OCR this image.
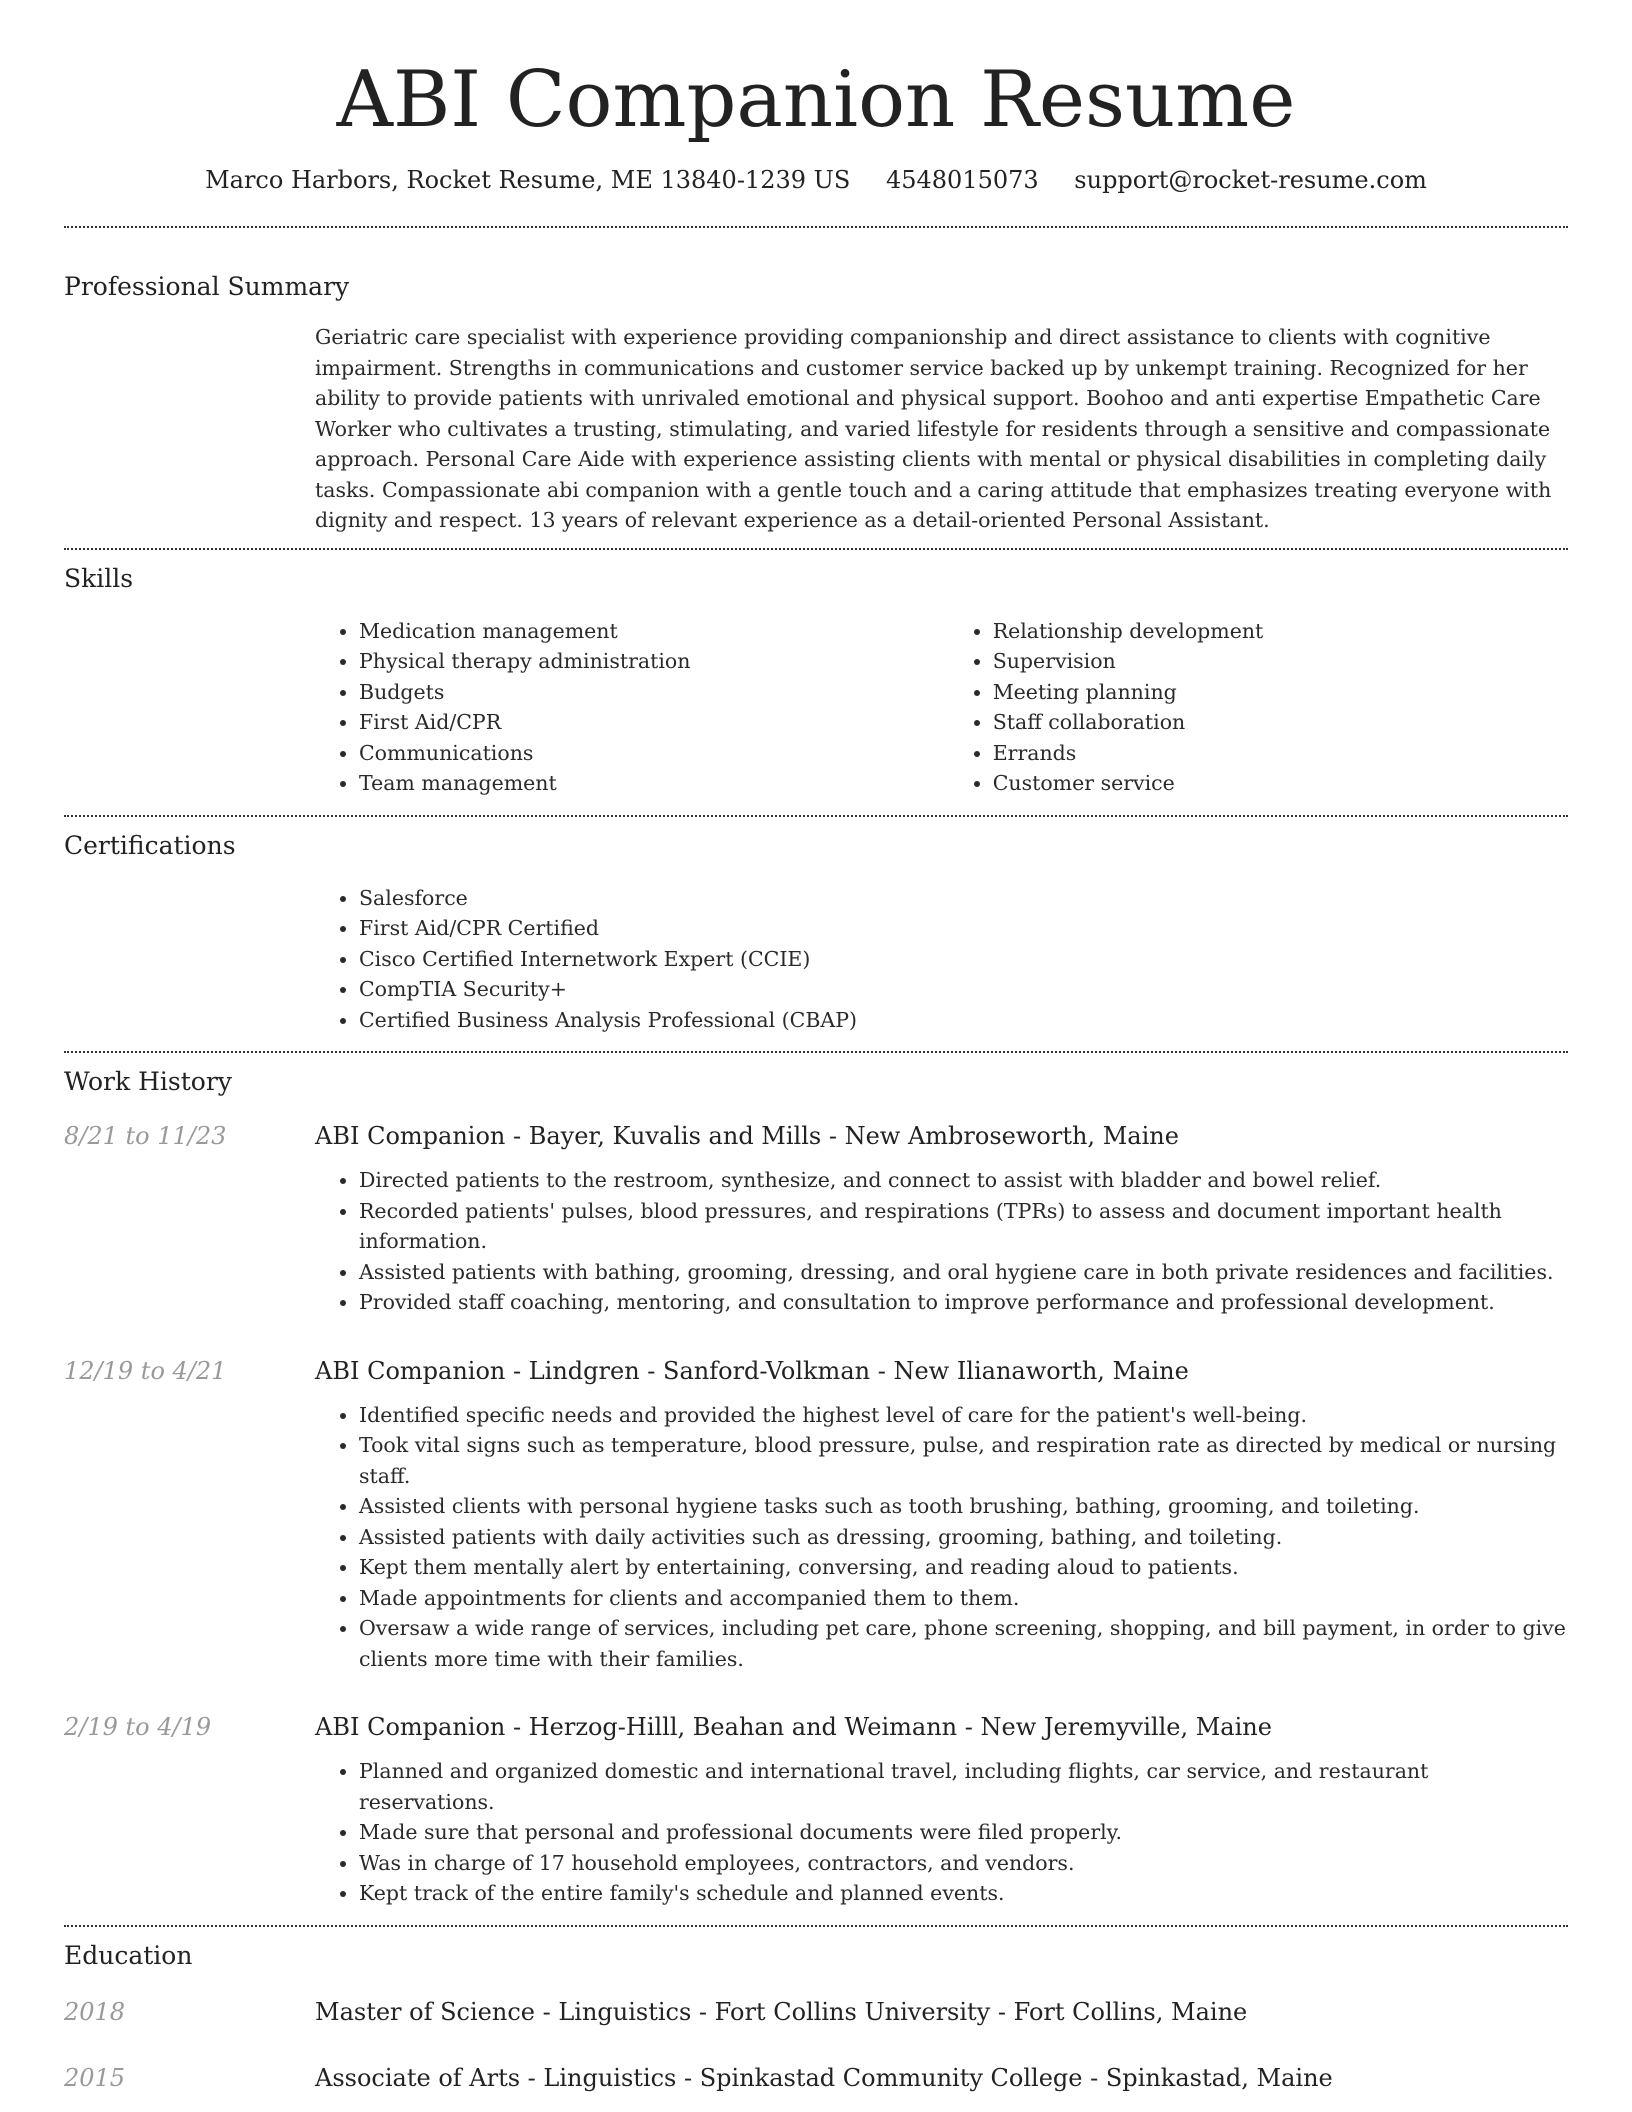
ABI Companion Resume
Marco Harbors, Rocket Resume, ME 13840-1239 US 4548015073 support@rocket-resume.com
Professional Summary

Geriatric care specialist with experience providing companionship and direct assistance to clients with cognitive impairment. Strengths in communications and customer service backed up by unkempt training. Recognized for her ability to provide patients with unrivaled emotional and physical support. Boohoo and anti expertise Empathetic Care Worker who cultivates a trusting, stimulating, and varied lifestyle for residents through a sensitive and compassionate approach. Personal Care Aide with experience assisting clients with mental or physical disabilities in completing daily tasks. Compassionate abi companion with a gentle touch and a caring attitude that emphasizes treating everyone with dignity and respect. 13 years of relevant experience as a detail-oriented Personal Assistant.

Skills
• Medication management
• Physical therapy administration
• Budgets
• First Aid/CPR
• Communications
• Team management
• Relationship development
• Supervision
• Meeting planning
• Staff collaboration
• Errands
• Customer service
Certifications
• Salesforce
• First Aid/CPR Certified
• Cisco Certified Internetwork Expert (CCIE)
• CompTIA Security+
• Certified Business Analysis Professional (CBAP)
Work History
8/21 to 11/23	ABI Companion - Bayer, Kuvalis and Mills - New Ambroseworth, Maine
• Directed patients to the restroom, synthesize, and connect to assist with bladder and bowel relief.
• Recorded patients' pulses, blood pressures, and respirations (TPRs) to assess and document important health information.
• Assisted patients with bathing, grooming, dressing, and oral hygiene care in both private residences and facilities.
• Provided staff coaching, mentoring, and consultation to improve performance and professional development.
12/19 to 4/21	ABI Companion - Lindgren - Sanford-Volkman - New Ilianaworth, Maine
• Identified specific needs and provided the highest level of care for the patient's well-being.
• Took vital signs such as temperature, blood pressure, pulse, and respiration rate as directed by medical or nursing staff.
• Assisted clients with personal hygiene tasks such as tooth brushing, bathing, grooming, and toileting.
• Assisted patients with daily activities such as dressing, grooming, bathing, and toileting.
• Kept them mentally alert by entertaining, conversing, and reading aloud to patients.
• Made appointments for clients and accompanied them to them.
• Oversaw a wide range of services, including pet care, phone screening, shopping, and bill payment, in order to give clients more time with their families.
2/19 to 4/19	ABI Companion - Herzog-Hilll, Beahan and Weimann - New Jeremyville, Maine
• Planned and organized domestic and international travel, including flights, car service, and restaurant reservations.
• Made sure that personal and professional documents were filed properly.
• Was in charge of 17 household employees, contractors, and vendors.
• Kept track of the entire family's schedule and planned events.
Education
2018	Master of Science - Linguistics - Fort Collins University - Fort Collins, Maine
2015	Associate of Arts - Linguistics - Spinkastad Community College - Spinkastad, Maine
